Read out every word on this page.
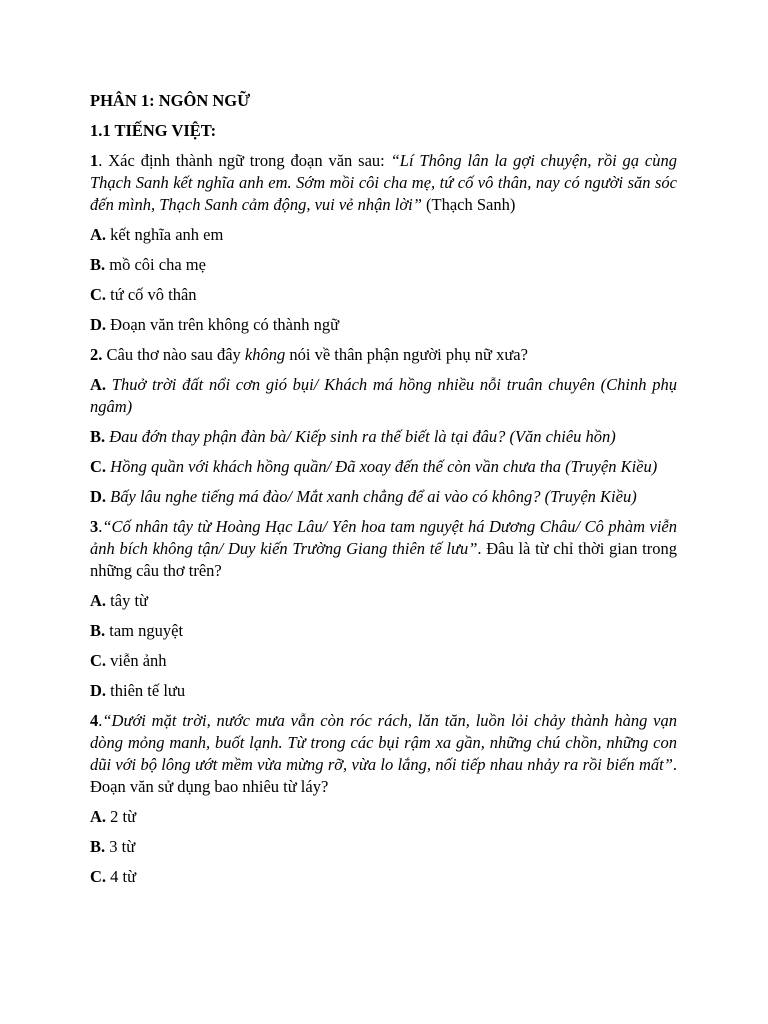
PHÂN 1: NGÔN NGỮ
1.1 TIẾNG VIỆT:
1. Xác định thành ngữ trong đoạn văn sau: “Lí Thông lân la gợi chuyện, rồi gạ cùng Thạch Sanh kết nghĩa anh em. Sớm mồi côi cha mẹ, tứ cố vô thân, nay có người săn sóc đến mình, Thạch Sanh cảm động, vui vẻ nhận lời” (Thạch Sanh)
A. kết nghĩa anh em
B. mồ côi cha mẹ
C. tứ cố vô thân
D. Đoạn văn trên không có thành ngữ
2. Câu thơ nào sau đây không nói về thân phận người phụ nữ xưa?
A. Thuở trời đất nổi cơn gió bụi/ Khách má hồng nhiều nỗi truân chuyên (Chinh phụ ngâm)
B. Đau đớn thay phận đàn bà/ Kiếp sinh ra thế biết là tại đâu? (Văn chiêu hồn)
C. Hồng quần với khách hồng quần/ Đã xoay đến thế còn vần chưa tha (Truyện Kiều)
D. Bấy lâu nghe tiếng má đào/ Mắt xanh chẳng để ai vào có không? (Truyện Kiều)
3.“Cố nhân tây từ Hoàng Hạc Lâu/ Yên hoa tam nguyệt há Dương Châu/ Cô phàm viễn ảnh bích không tận/ Duy kiến Trường Giang thiên tế lưu”. Đâu là từ chỉ thời gian trong những câu thơ trên?
A. tây từ
B. tam nguyệt
C. viễn ảnh
D. thiên tế lưu
4.“Dưới mặt trời, nước mưa vẫn còn róc rách, lăn tăn, luồn lỏi chảy thành hàng vạn dòng mỏng manh, buốt lạnh. Từ trong các bụi rậm xa gần, những chú chồn, những con dũi với bộ lông ướt mềm vừa mừng rỡ, vừa lo lắng, nối tiếp nhau nhảy ra rồi biến mất”. Đoạn văn sử dụng bao nhiêu từ láy?
A. 2 từ
B. 3 từ
C. 4 từ
